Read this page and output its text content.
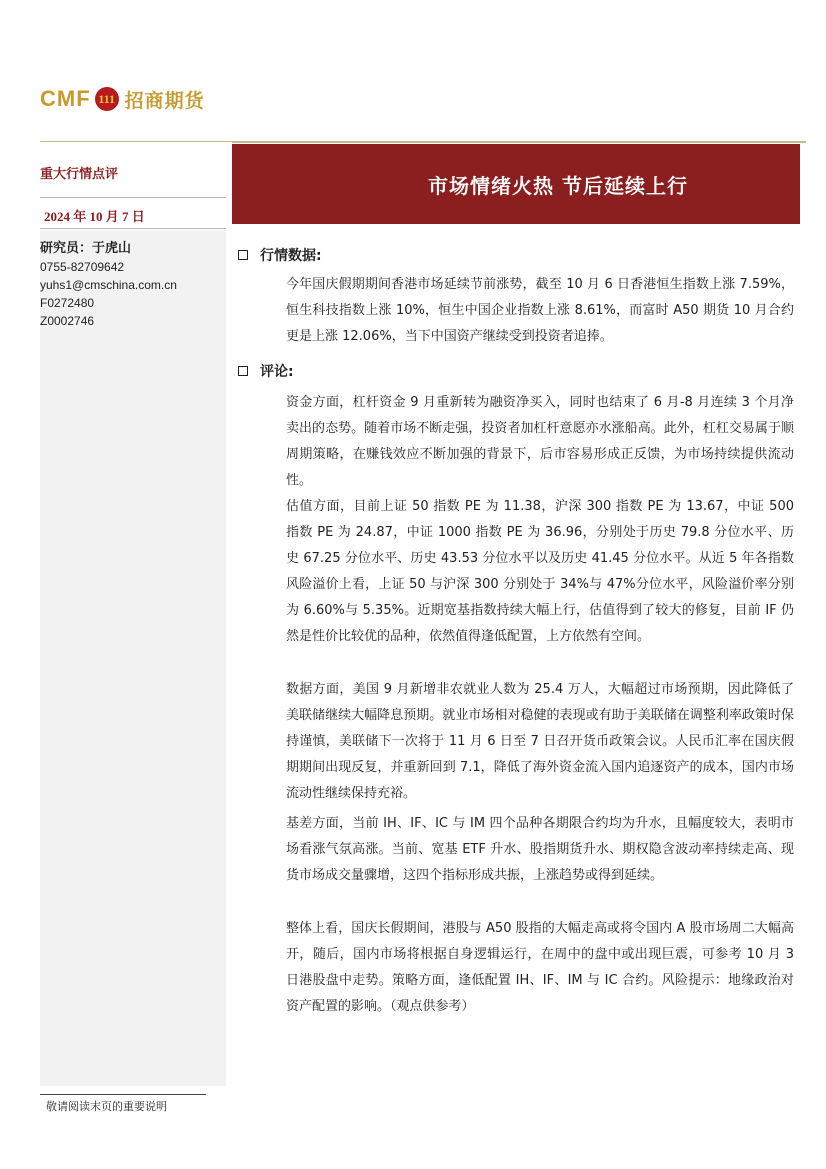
CMF 111 招商期货
重大行情点评
2024 年 10 月 7 日
市场情绪火热 节后延续上行
研究员：于虎山
0755-82709642
yuhs1@cmschina.com.cn
F0272480
Z0002746
行情数据:

今年国庆假期期间香港市场延续节前涨势，截至 10 月 6 日香港恒生指数上涨 7.59%，恒生科技指数上涨 10%，恒生中国企业指数上涨 8.61%，而富时 A50 期货 10 月合约更是上涨 12.06%，当下中国资产继续受到投资者追捧。

评论:

资金方面，杠杆资金 9 月重新转为融资净买入，同时也结束了 6 月-8 月连续 3 个月净卖出的态势。随着市场不断走强，投资者加杠杆意愿亦水涨船高。此外，杠杠交易属于顺周期策略，在赚钱效应不断加强的背景下，后市容易形成正反馈，为市场持续提供流动性。

估值方面，目前上证 50 指数 PE 为 11.38，沪深 300 指数 PE 为 13.67，中证 500 指数 PE 为 24.87，中证 1000 指数 PE 为 36.96，分别处于历史 79.8 分位水平、历史 67.25 分位水平、历史 43.53 分位水平以及历史 41.45 分位水平。从近 5 年各指数风险溢价上看，上证 50 与沪深 300 分别处于 34%与 47%分位水平，风险溢价率分别为 6.60%与 5.35%。近期宽基指数持续大幅上行，估值得到了较大的修复，目前 IF 仍然是性价比较优的品种，依然值得逢低配置，上方依然有空间。

数据方面，美国 9 月新增非农就业人数为 25.4 万人，大幅超过市场预期，因此降低了美联储继续大幅降息预期。就业市场相对稳健的表现或有助于美联储在调整利率政策时保持谨慎，美联储下一次将于 11 月 6 日至 7 日召开货币政策会议。人民币汇率在国庆假期期间出现反复，并重新回到 7.1，降低了海外资金流入国内追逐资产的成本，国内市场流动性继续保持充裕。

基差方面，当前 IH、IF、IC 与 IM 四个品种各期限合约均为升水，且幅度较大，表明市场看涨气氛高涨。当前、宽基 ETF 升水、股指期货升水、期权隐含波动率持续走高、现货市场成交量骤增，这四个指标形成共振，上涨趋势或得到延续。

整体上看，国庆长假期间，港股与 A50 股指的大幅走高或将令国内 A 股市场周二大幅高开，随后，国内市场将根据自身逻辑运行，在周中的盘中或出现巨震，可参考 10 月 3 日港股盘中走势。策略方面，逢低配置 IH、IF、IM 与 IC 合约。风险提示：地缘政治对资产配置的影响。（观点供参考）

敬请阅读末页的重要说明
